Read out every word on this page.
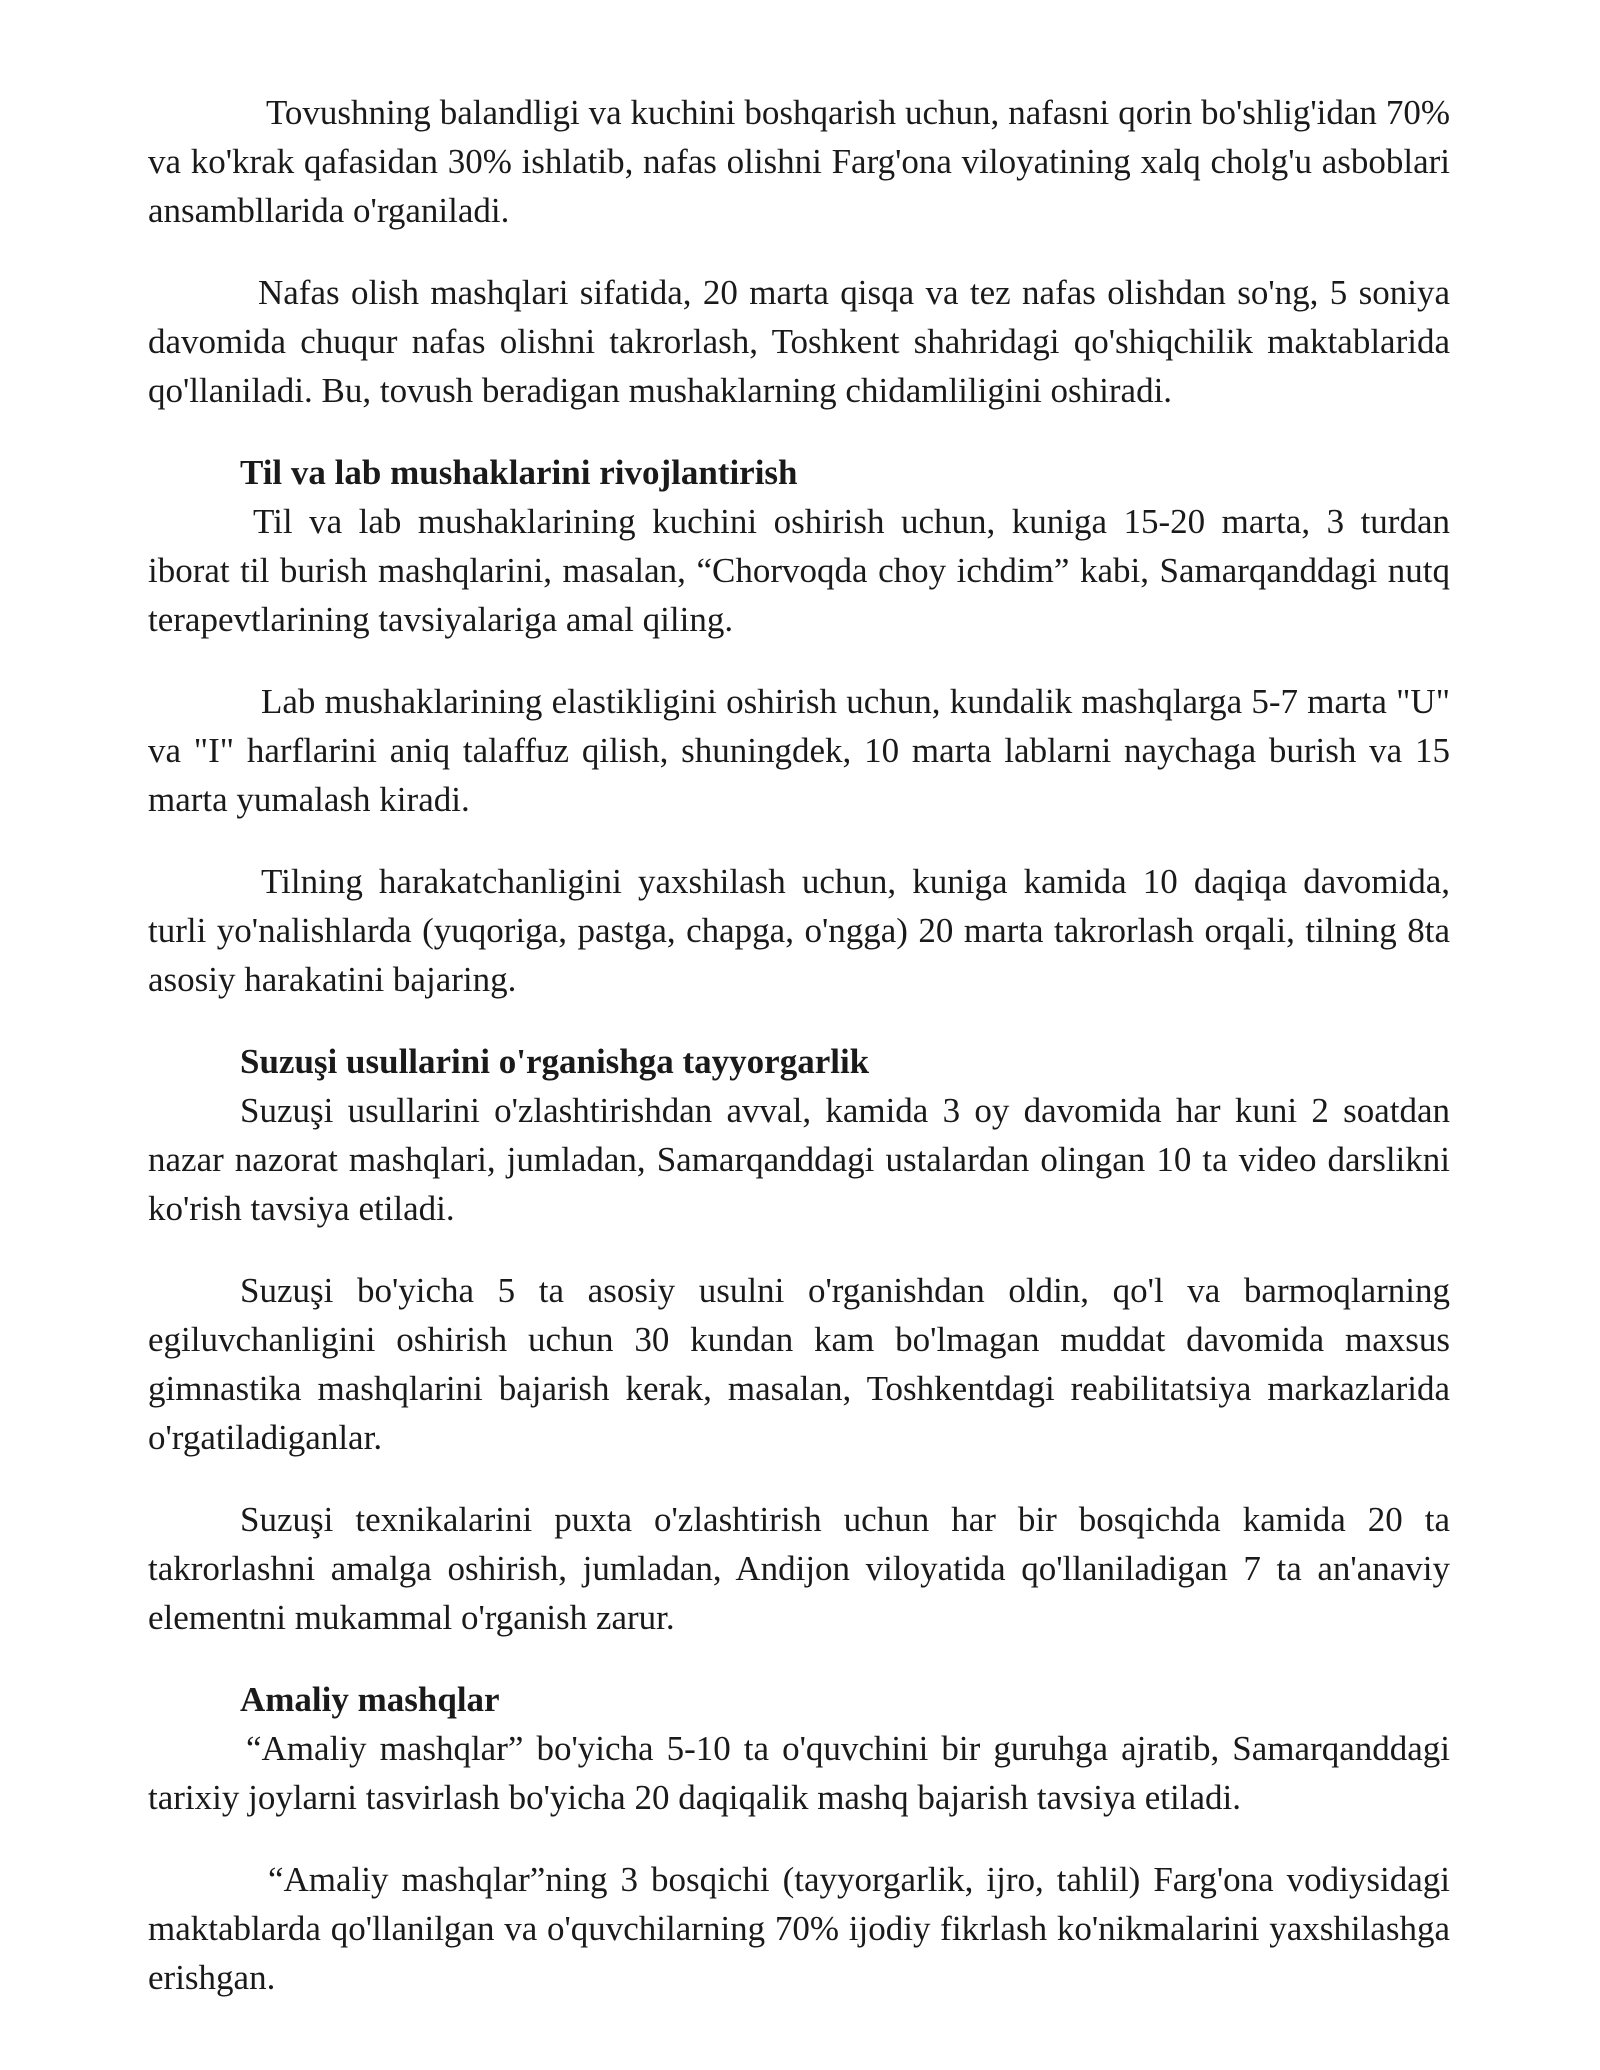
Tovushning balandligi va kuchini boshqarish uchun, nafasni qorin bo'shlig'idan 70% va ko'krak qafasidan 30% ishlatib, nafas olishni Farg'ona viloyatining xalq cholg'u asboblari ansambllarida o'rganiladi.

Nafas olish mashqlari sifatida, 20 marta qisqa va tez nafas olishdan so'ng, 5 soniya davomida chuqur nafas olishni takrorlash, Toshkent shahridagi qo'shiqchilik maktablarida qo'llaniladi. Bu, tovush beradigan mushaklarning chidamliligini oshiradi.

Til va lab mushaklarini rivojlantirish

Til va lab mushaklarining kuchini oshirish uchun, kuniga 15-20 marta, 3 turdan iborat til burish mashqlarini, masalan, “Chorvoqda choy ichdim” kabi, Samarqanddagi nutq terapevtlarining tavsiyalariga amal qiling.

Lab mushaklarining elastikligini oshirish uchun, kundalik mashqlarga 5-7 marta "U" va "I" harflarini aniq talaffuz qilish, shuningdek, 10 marta lablarni naychaga burish va 15 marta yumalash kiradi.

Tilning harakatchanligini yaxshilash uchun, kuniga kamida 10 daqiqa davomida, turli yo'nalishlarda (yuqoriga, pastga, chapga, o'ngga) 20 marta takrorlash orqali, tilning 8ta asosiy harakatini bajaring.

Suzuşi usullarini o'rganishga tayyorgarlik

Suzuşi usullarini o'zlashtirishdan avval, kamida 3 oy davomida har kuni 2 soatdan nazar nazorat mashqlari, jumladan, Samarqanddagi ustalardan olingan 10 ta video darslikni ko'rish tavsiya etiladi.

Suzuşi bo'yicha 5 ta asosiy usulni o'rganishdan oldin, qo'l va barmoqlarning egiluvchanligini oshirish uchun 30 kundan kam bo'lmagan muddat davomida maxsus gimnastika mashqlarini bajarish kerak, masalan, Toshkentdagi reabilitatsiya markazlarida o'rgatiladiganlar.

Suzuşi texnikalarini puxta o'zlashtirish uchun har bir bosqichda kamida 20 ta takrorlashni amalga oshirish, jumladan, Andijon viloyatida qo'llaniladigan 7 ta an'anaviy elementni mukammal o'rganish zarur.

Amaliy mashqlar

“Amaliy mashqlar” bo'yicha 5-10 ta o'quvchini bir guruhga ajratib, Samarqanddagi tarixiy joylarni tasvirlash bo'yicha 20 daqiqalik mashq bajarish tavsiya etiladi.

“Amaliy mashqlar”ning 3 bosqichi (tayyorgarlik, ijro, tahlil) Farg'ona vodiysidagi maktablarda qo'llanilgan va o'quvchilarning 70% ijodiy fikrlash ko'nikmalarini yaxshilashga erishgan.
